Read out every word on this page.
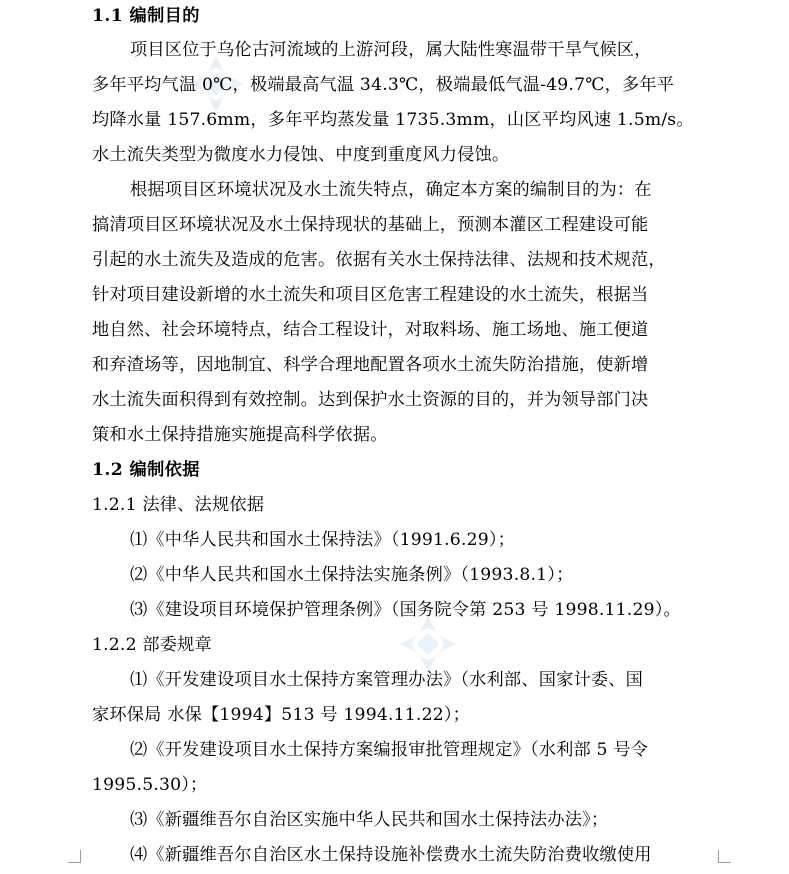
1.1 编制目的
项目区位于乌伦古河流域的上游河段，属大陆性寒温带干旱气候区，
多年平均气温 0℃，极端最高气温 34.3℃，极端最低气温-49.7℃，多年平
均降水量 157.6mm，多年平均蒸发量 1735.3mm，山区平均风速 1.5m/s。
水土流失类型为微度水力侵蚀、中度到重度风力侵蚀。
根据项目区环境状况及水土流失特点，确定本方案的编制目的为：在
搞清项目区环境状况及水土保持现状的基础上，预测本灌区工程建设可能
引起的水土流失及造成的危害。依据有关水土保持法律、法规和技术规范，
针对项目建设新增的水土流失和项目区危害工程建设的水土流失，根据当
地自然、社会环境特点，结合工程设计，对取料场、施工场地、施工便道
和弃渣场等，因地制宜、科学合理地配置各项水土流失防治措施，使新增
水土流失面积得到有效控制。达到保护水土资源的目的，并为领导部门决
策和水土保持措施实施提高科学依据。
1.2 编制依据
1.2.1 法律、法规依据
⑴《中华人民共和国水土保持法》（1991.6.29）；
⑵《中华人民共和国水土保持法实施条例》（1993.8.1）；
⑶《建设项目环境保护管理条例》（国务院令第 253 号 1998.11.29）。
1.2.2 部委规章
⑴《开发建设项目水土保持方案管理办法》（水利部、国家计委、国
家环保局 水保【1994】513 号 1994.11.22）；
⑵《开发建设项目水土保持方案编报审批管理规定》（水利部 5 号令
1995.5.30）；
⑶《新疆维吾尔自治区实施中华人民共和国水土保持法办法》；
⑷《新疆维吾尔自治区水土保持设施补偿费水土流失防治费收缴使用
